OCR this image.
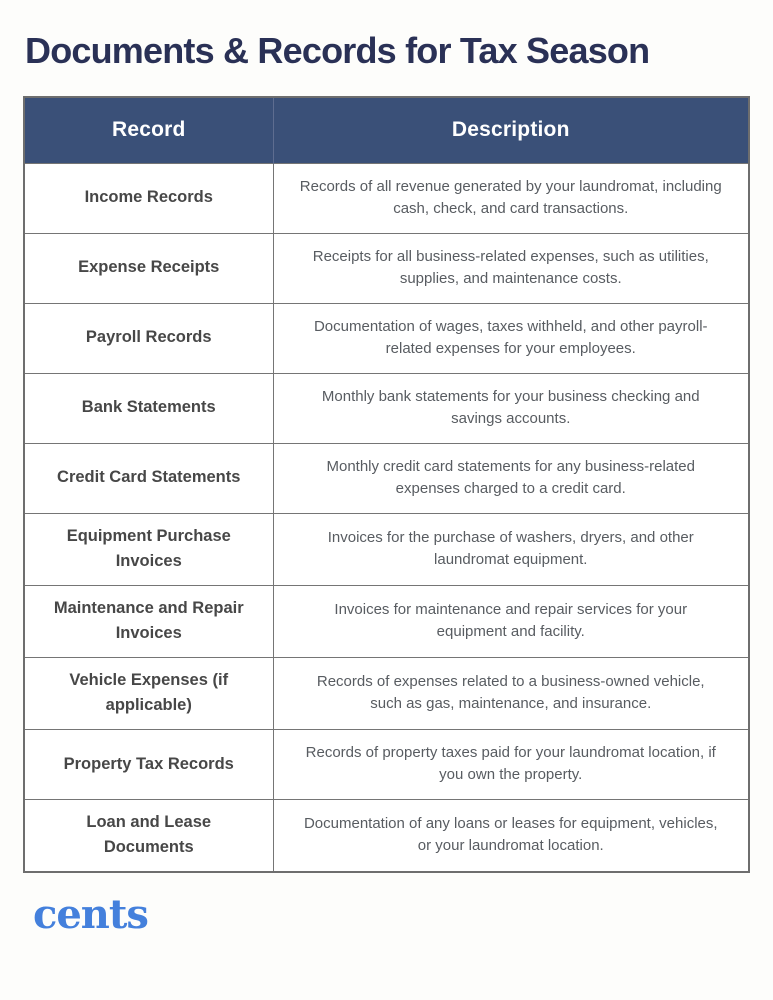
Documents & Records for Tax Season
Record	Description
Income Records	Records of all revenue generated by your laundromat, including cash, check, and card transactions.
Expense Receipts	Receipts for all business-related expenses, such as utilities, supplies, and maintenance costs.
Payroll Records	Documentation of wages, taxes withheld, and other payroll-related expenses for your employees.
Bank Statements	Monthly bank statements for your business checking and savings accounts.
Credit Card Statements	Monthly credit card statements for any business-related expenses charged to a credit card.
Equipment Purchase Invoices	Invoices for the purchase of washers, dryers, and other laundromat equipment.
Maintenance and Repair Invoices	Invoices for maintenance and repair services for your equipment and facility.
Vehicle Expenses (if applicable)	Records of expenses related to a business-owned vehicle, such as gas, maintenance, and insurance.
Property Tax Records	Records of property taxes paid for your laundromat location, if you own the property.
Loan and Lease Documents	Documentation of any loans or leases for equipment, vehicles, or your laundromat location.
cents
